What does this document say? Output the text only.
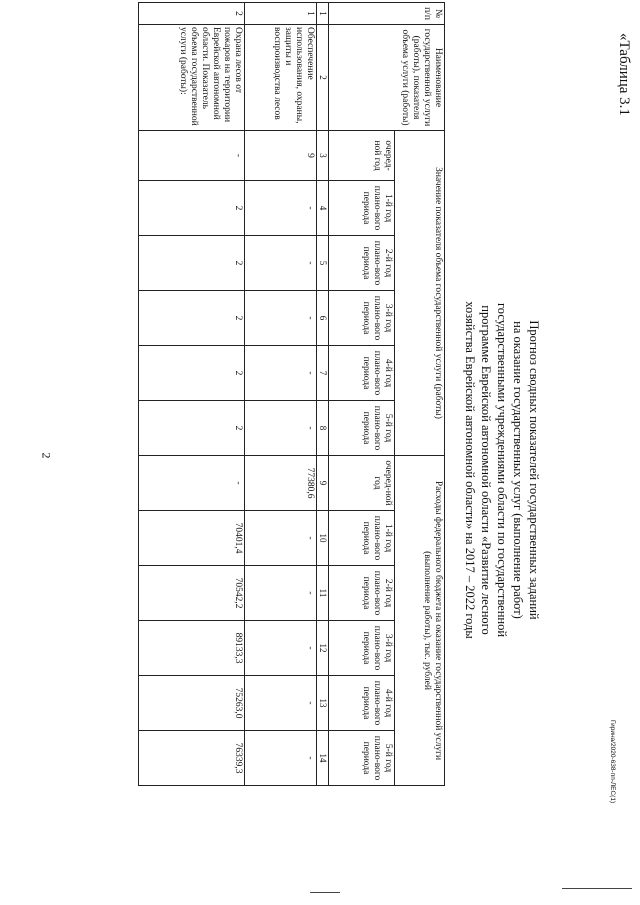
2
«Таблица 3.1
Прогноз сводных показателей государственных заданий
на оказание государственных услуг (выполнение работ)
государственными учреждениями области по государственной
программе Еврейской автономной области «Развитие лесного
хозяйства Еврейской автономной области» на 2017 – 2022 годы
Гирина/2020-638-пп-ЛЕС(1)
№ п/п	Наименование государственной услуги (работы), показателя объема услуги (работы)	Значение показателя объема государственной услуги (работы)						Расходы федерального бюджета на оказание государственной услуги (выполнение работы), тыс. рублей					
		очеред-ной год	1-й год плано-вого периода	2-й год плано-вого периода	3-й год плано-вого периода	4-й год плано-вого периода	5-й год плано-вого периода	очеред-ной год	1-й год плано-вого периода	2-й год плано-вого периода	3-й год плано-вого периода	4-й год плано-вого периода	5-й год плано-вого периода
1	2	3	4	5	6	7	8	9	10	11	12	13	14
1	Обеспечение использования, охраны, защиты и воспроизводства лесов	9	-	-	-	-	-	77380,6	-	-	-	-	-
2	Охрана лесов от пожаров на территории Еврейской автономной области. Показатель объема государственной услуги (работы):	-	2	2	2	2	2	-	70401,4	70542,2	89133,3	75263,0	76339,3
